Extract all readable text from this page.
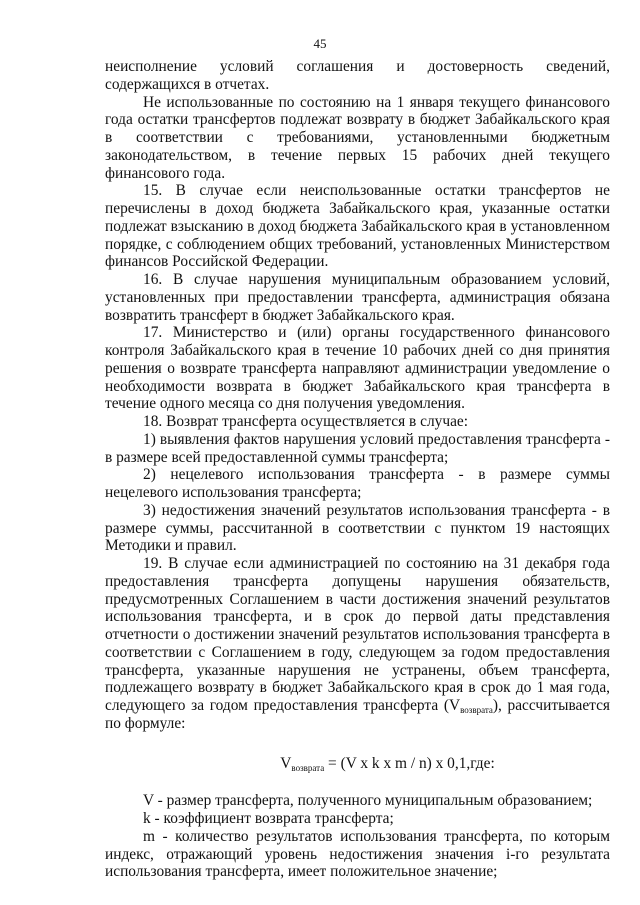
45

неисполнение условий соглашения и достоверность сведений, содержащихся в отчетах.

Не использованные по состоянию на 1 января текущего финансового года остатки трансфертов подлежат возврату в бюджет Забайкальского края в соответствии с требованиями, установленными бюджетным законодательством, в течение первых 15 рабочих дней текущего финансового года.

15. В случае если неиспользованные остатки трансфертов не перечислены в доход бюджета Забайкальского края, указанные остатки подлежат взысканию в доход бюджета Забайкальского края в установленном порядке, с соблюдением общих требований, установленных Министерством финансов Российской Федерации.

16. В случае нарушения муниципальным образованием условий, установленных при предоставлении трансферта, администрация обязана возвратить трансферт в бюджет Забайкальского края.

17. Министерство и (или) органы государственного финансового контроля Забайкальского края в течение 10 рабочих дней со дня принятия решения о возврате трансферта направляют администрации уведомление о необходимости возврата в бюджет Забайкальского края трансферта в течение одного месяца со дня получения уведомления.

18. Возврат трансферта осуществляется в случае:

1) выявления фактов нарушения условий предоставления трансферта - в размере всей предоставленной суммы трансферта;

2) нецелевого использования трансферта - в размере суммы нецелевого использования трансферта;

3) недостижения значений результатов использования трансферта - в размере суммы, рассчитанной в соответствии с пунктом 19 настоящих Методики и правил.

19. В случае если администрацией по состоянию на 31 декабря года предоставления трансферта допущены нарушения обязательств, предусмотренных Соглашением в части достижения значений результатов использования трансферта, и в срок до первой даты представления отчетности о достижении значений результатов использования трансферта в соответствии с Соглашением в году, следующем за годом предоставления трансферта, указанные нарушения не устранены, объем трансферта, подлежащего возврату в бюджет Забайкальского края в срок до 1 мая года, следующего за годом предоставления трансферта $(V_{возврата})$, рассчитывается по формуле:

$V_{возврата} = (V$ x k x m / n) x 0,1,где:

V - размер трансферта, полученного муниципальным образованием;

k - коэффициент возврата трансферта;

m - количество результатов использования трансферта, по которым индекс, отражающий уровень недостижения значения i-го результата использования трансферта, имеет положительное значение;
